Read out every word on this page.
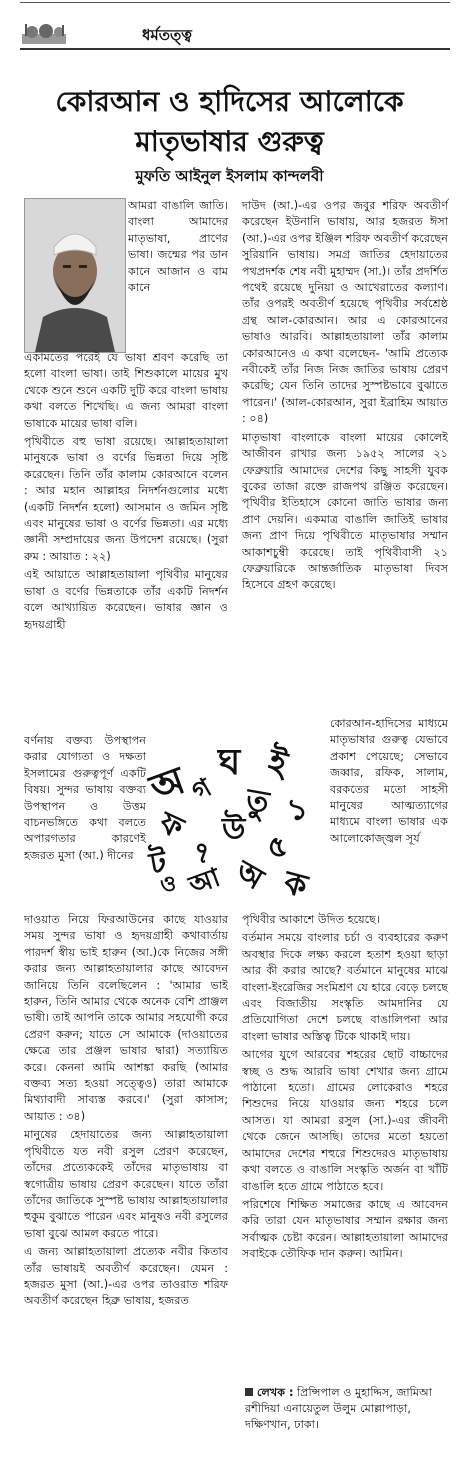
ধর্মতত্ত্ব
কোরআন ও হাদিসের আলোকে
মাতৃভাষার গুরুত্ব
মুফতি আইনুল ইসলাম কান্দলবী
আমরা বাঙালি জাতি। বাংলা আমাদের মাতৃভাষা, প্রাণের ভাষা। জন্মের পর ডান কানে আজান ও বাম কানে

একামতের পরেই যে ভাষা শ্রবণ করেছি তা হলো বাংলা ভাষা। তাই শিশুকালে মায়ের মুখ থেকে শুনে শুনে একটি দুটি করে বাংলা ভাষায় কথা বলতে শিখেছি। এ জন্য আমরা বাংলা ভাষাকে মায়ের ভাষা বলি।

পৃথিবীতে বহু ভাষা রয়েছে। আল্লাহতায়ালা মানুষকে ভাষা ও বর্ণের ভিন্নতা দিয়ে সৃষ্টি করেছেন। তিনি তাঁর কালাম কোরআনে বলেন : আর মহান আল্লাহর নিদর্শনগুলোর মধ্যে (একটি নিদর্শন হলো) আসমান ও জমিন সৃষ্টি এবং মানুষের ভাষা ও বর্ণের ভিন্নতা। এর মধ্যে জ্ঞানী সম্প্রদায়ের জন্য উপদেশ রয়েছে। (সুরা রুম : আয়াত : ২২)

এই আয়াতে আল্লাহতায়ালা পৃথিবীর মানুষের ভাষা ও বর্ণের ভিন্নতাকে তাঁর একটি নিদর্শন বলে আখ্যায়িত করেছেন। ভাষার জ্ঞান ও হৃদয়গ্রাহী

বর্ণনায় বক্তব্য উপস্থাপন করার যোগ্যতা ও দক্ষতা ইসলামের গুরুত্বপূর্ণ একটি বিষয়। সুন্দর ভাষায় বক্তব্য উপস্থাপন ও উত্তম বাচনভঙ্গিতে কথা বলতে অপারগতার কারণেই হজরত মুসা (আ.) দীনের

দাওয়াত নিয়ে ফিরআউনের কাছে যাওয়ার সময় সুন্দর ভাষা ও হৃদয়গ্রাহী কথাবার্তায় পারদর্শ স্বীয় ভাই হারুন (আ.)কে নিজের সঙ্গী করার জন্য আল্লাহতায়ালার কাছে আবেদন জানিয়ে তিনি বলেছিলেন : 'আমার ভাই হারুন, তিনি আমার থেকে অনেক বেশি প্রাঞ্জল ভাষী। তাই আপনি তাকে আমার সহযোগী করে প্রেরণ করুন; যাতে সে আমাকে (দাওয়াতের ক্ষেত্রে তার প্রঞ্জল ভাষার দ্বারা) সত্যায়িত করে। কেননা আমি আশঙ্কা করছি (আমার বক্তব্য সত্য হওয়া সত্ত্বেও) তারা আমাকে মিথ্যাবাদী সাব্যস্ত করবে।' (সুরা কাসাস; আয়াত : ৩৪)

মানুষের হেদায়াতের জন্য আল্লাহতায়ালা পৃথিবীতে যত নবী রসুল প্রেরণ করেছেন, তাঁদের প্রত্যেককেই তাঁদের মাতৃভাষায় বা স্বগোত্রীয় ভাষায় প্রেরণ করেছেন। যাতে তাঁরা তাঁদের জাতিকে সুস্পষ্ট ভাষায় আল্লাহতায়ালার হুকুম বুঝাতে পারেন এবং মানুষও নবী রসুলের ভাষা বুঝে আমল করতে পারে।

এ জন্য আল্লাহতায়ালা প্রত্যেক নবীর কিতাব তাঁর ভাষায়ই অবতীর্ণ করেছেন। যেমন : হজরত মুসা (আ.)-এর ওপর তাওরাত শরিফ অবতীর্ণ করেছেন হিব্রু ভাষায়, হজরত

দাউদ (আ.)-এর ওপর জবুর শরিফ অবতীর্ণ করেছেন ইউনানি ভাষায়, আর হজরত ঈসা (আ.)-এর ওপর ইঞ্জিল শরিফ অবতীর্ণ করেছেন সুরিয়ানি ভাষায়। সমগ্র জাতির হেদায়াতের পথপ্রদর্শক শেষ নবী মুহাম্মদ (সা.)। তাঁর প্রদর্শিত পথেই রয়েছে দুনিয়া ও আখেরাতের কল্যাণ। তাঁর ওপরই অবতীর্ণ হয়েছে পৃথিবীর সর্বশ্রেষ্ঠ গ্রন্থ আল-কোরআন। আর এ কোরআনের ভাষাও আরবি। আল্লাহতায়ালা তাঁর কালাম কোরআনেও এ কথা বলেছেন- 'আমি প্রত্যেক নবীকেই তাঁর নিজ নিজ জাতির ভাষায় প্রেরণ করেছি; যেন তিনি তাদের সুস্পষ্টভাবে বুঝাতে পারেন।' (আল-কোরআন, সুরা ইব্রাহিম আয়াত : ০৪)

মাতৃভাষা বাংলাকে বাংলা মায়ের কোলেই আজীবন রাখার জন্য ১৯৫২ সালের ২১ ফেব্রুয়ারি আমাদের দেশের কিছু সাহসী যুবক বুকের তাজা রক্তে রাজপথ রঞ্জিত করেছেন। পৃথিবীর ইতিহাসে কোনো জাতি ভাষার জন্য প্রাণ দেয়নি। একমাত্র বাঙালি জাতিই ভাষার জন্য প্রাণ দিয়ে পৃথিবীতে মাতৃভাষার সম্মান আকাশচুম্বী করেছে। তাই পৃথিবীবাসী ২১ ফেব্রুয়ারিকে আন্তর্জাতিক মাতৃভাষা দিবস হিসেবে গ্রহণ করেছে।

কোরআন-হাদিসের মাধ্যমে মাতৃভাষার গুরুত্ব যেভাবে প্রকাশ পেয়েছে; সেভাবে জব্বার, রফিক, সালাম, বরকতের মতো সাহসী মানুষের আত্মত্যাগের মাধ্যমে বাংলা ভাষার এক আলোকোজ্জ্বল সূর্য

পৃথিবীর আকাশে উদিত হয়েছে।

বর্তমান সময়ে বাংলার চর্চা ও ব্যবহারের করুণ অবস্থার দিকে লক্ষ্য করলে হতাশ হওয়া ছাড়া আর কী করার আছে? বর্তমানে মানুষের মাঝে বাংলা-ইংরেজির সংমিশ্রণ যে হারে বেড়ে চলছে এবং বিজাতীয় সংস্কৃতি আমদানির যে প্রতিযোগিতা দেশে চলছে বাঙালিপনা আর বাংলা ভাষার অস্তিত্ব টিকে থাকাই দায়।

আগের যুগে আরবের শহরের ছোট বাচ্চাদের স্বচ্ছ ও শুদ্ধ আরবি ভাষা শেখার জন্য গ্রামে পাঠানো হতো। গ্রামের লোকেরাও শহরে শিশুদের নিয়ে যাওয়ার জন্য শহরে চলে আসত। যা আমরা রসুল (সা.)-এর জীবনী থেকে জেনে আসছি। তাদের মতো হয়তো আমাদের দেশের শহুরে শিশুদেরও মাতৃভাষায় কথা বলতে ও বাঙালি সংস্কৃতি অর্জন বা খাঁটি বাঙালি হতে গ্রামে পাঠাতে হবে।

পরিশেষে শিক্ষিত সমাজের কাছে এ আবেদন করি তারা যেন মাতৃভাষার সম্মান রক্ষার জন্য সর্বাত্মক চেষ্টা করেন। আল্লাহতায়ালা আমাদের সবাইকে তৌফিক দান করুন। আমিন।

লেখক : প্রিন্সিপাল ও মুহাদ্দিস, জামিআ রশীদিয়া এনায়েতুল উলুম মোল্লাপাড়া, দক্ষিণখান, ঢাকা।
অ ঘ ই
গ তু
ফ উ
১
ট ৭ ৫
ও আ ক
অ
